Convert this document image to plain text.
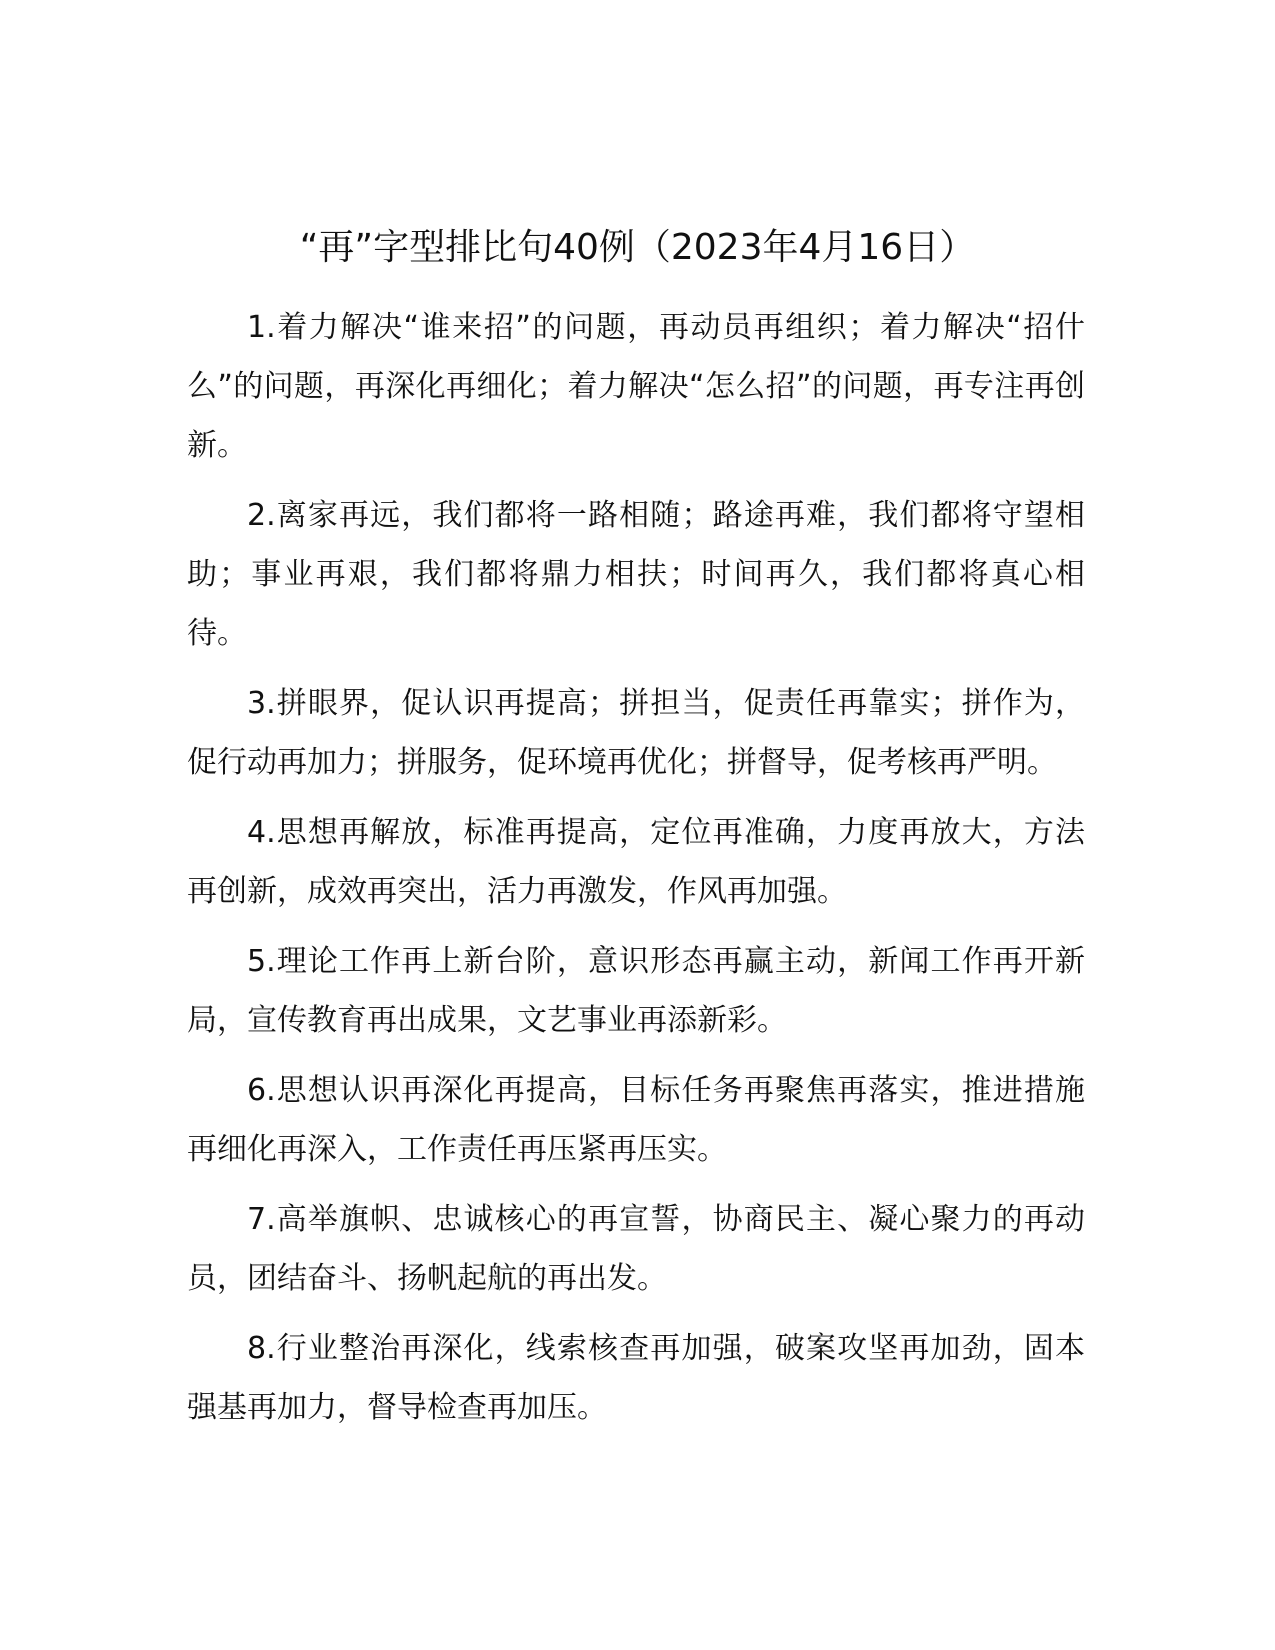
“再”字型排比句40例（2023年4月16日）

1.着力解决“谁来招”的问题，再动员再组织；着力解决“招什么”的问题，再深化再细化；着力解决“怎么招”的问题，再专注再创新。

2.离家再远，我们都将一路相随；路途再难，我们都将守望相助；事业再艰，我们都将鼎力相扶；时间再久，我们都将真心相待。

3.拼眼界，促认识再提高；拼担当，促责任再靠实；拼作为，促行动再加力；拼服务，促环境再优化；拼督导，促考核再严明。

4.思想再解放，标准再提高，定位再准确，力度再放大，方法再创新，成效再突出，活力再激发，作风再加强。

5.理论工作再上新台阶，意识形态再赢主动，新闻工作再开新局，宣传教育再出成果，文艺事业再添新彩。

6.思想认识再深化再提高，目标任务再聚焦再落实，推进措施再细化再深入，工作责任再压紧再压实。

7.高举旗帜、忠诚核心的再宣誓，协商民主、凝心聚力的再动员，团结奋斗、扬帆起航的再出发。

8.行业整治再深化，线索核查再加强，破案攻坚再加劲，固本强基再加力，督导检查再加压。
